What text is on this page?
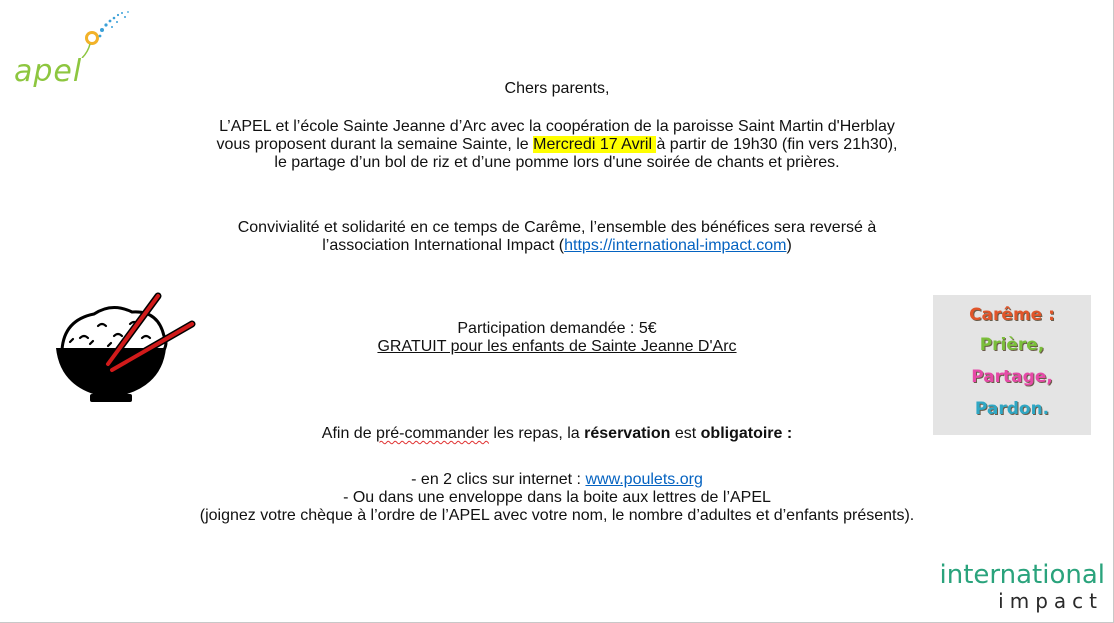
apel	Chers parents,
L’APEL et l’école Sainte Jeanne d’Arc avec la coopération de la paroisse Saint Martin d'Herblay
vous proposent durant la semaine Sainte, le Mercredi 17 Avril à partir de 19h30 (fin vers 21h30),
le partage d’un bol de riz et d’une pomme lors d'une soirée de chants et prières.
Convivialité et solidarité en ce temps de Carême, l’ensemble des bénéfices sera reversé à
l’association International Impact (https://international-impact.com)
Participation demandée : 5€
GRATUIT pour les enfants de Sainte Jeanne D'Arc
Afin de pré-commander les repas, la réservation est obligatoire :
- en 2 clics sur internet : www.poulets.org
- Ou dans une enveloppe dans la boite aux lettres de l’APEL
(joignez votre chèque à l’ordre de l’APEL avec votre nom, le nombre d’adultes et d’enfants présents).
Carême :
Prière,
Partage,
Pardon.
international
impact
